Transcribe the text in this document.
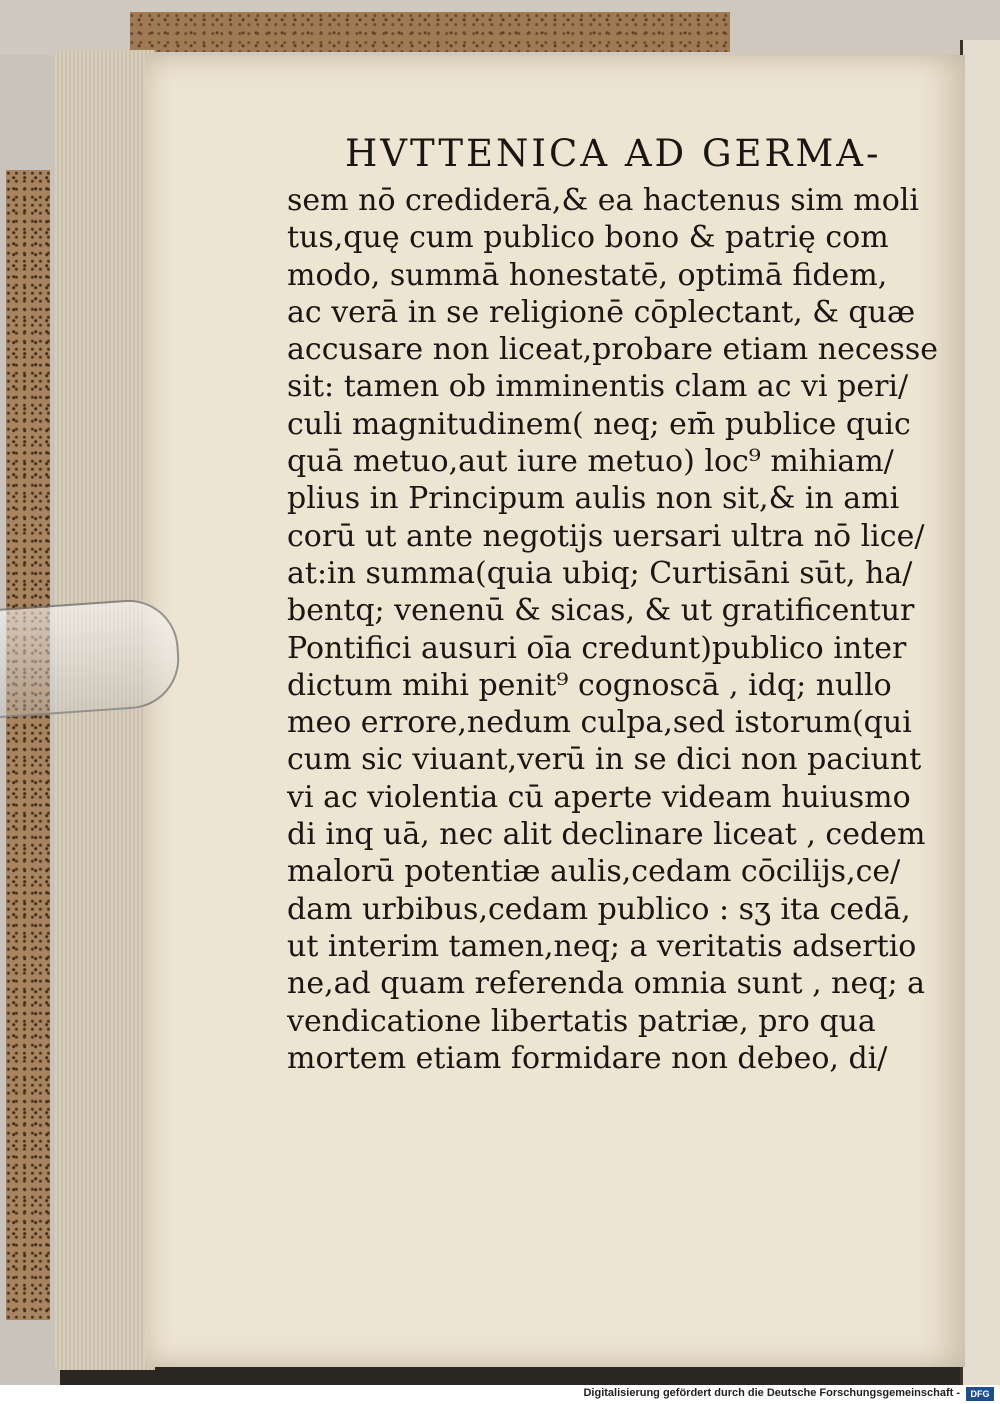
HVTTENICA AD GERMA-
sem nō crediderā,& ea hactenus sim moli
tus,quę cum publico bono & patrię com
modo, summā honestatē, optimā fidem,
ac verā in se religionē cōplectant, & quæ
accusare non liceat,probare etiam necesse
sit: tamen ob imminentis clam ac vi peri/
culi magnitudinem( neq; em̄ publice quic
quā metuo,aut iure metuo) loc⁹ mihiam/
plius in Principum aulis non sit,& in ami
corū ut ante negotijs uersari ultra nō lice/
at:in summa(quia ubiq; Curtisāni sūt, ha/
bentq; venenū & sicas, & ut gratificentur
Pontifici ausuri oīa credunt)publico inter
dictum mihi penit⁹ cognoscā , idq; nullo
meo errore,nedum culpa,sed istorum(qui
cum sic viuant,verū in se dici non paciunt
vi ac violentia cū aperte videam huiusmo
di inq uā, nec alit declinare liceat , cedem
malorū potentiæ aulis,cedam cōcilijs,ce/
dam urbibus,cedam publico : sʒ ita cedā,
ut interim tamen,neq; a veritatis adsertio
ne,ad quam referenda omnia sunt , neq; a
vendicatione libertatis patriæ, pro qua
mortem etiam formidare non debeo, di/
Digitalisierung gefördert durch die Deutsche Forschungsgemeinschaft -	DFG
